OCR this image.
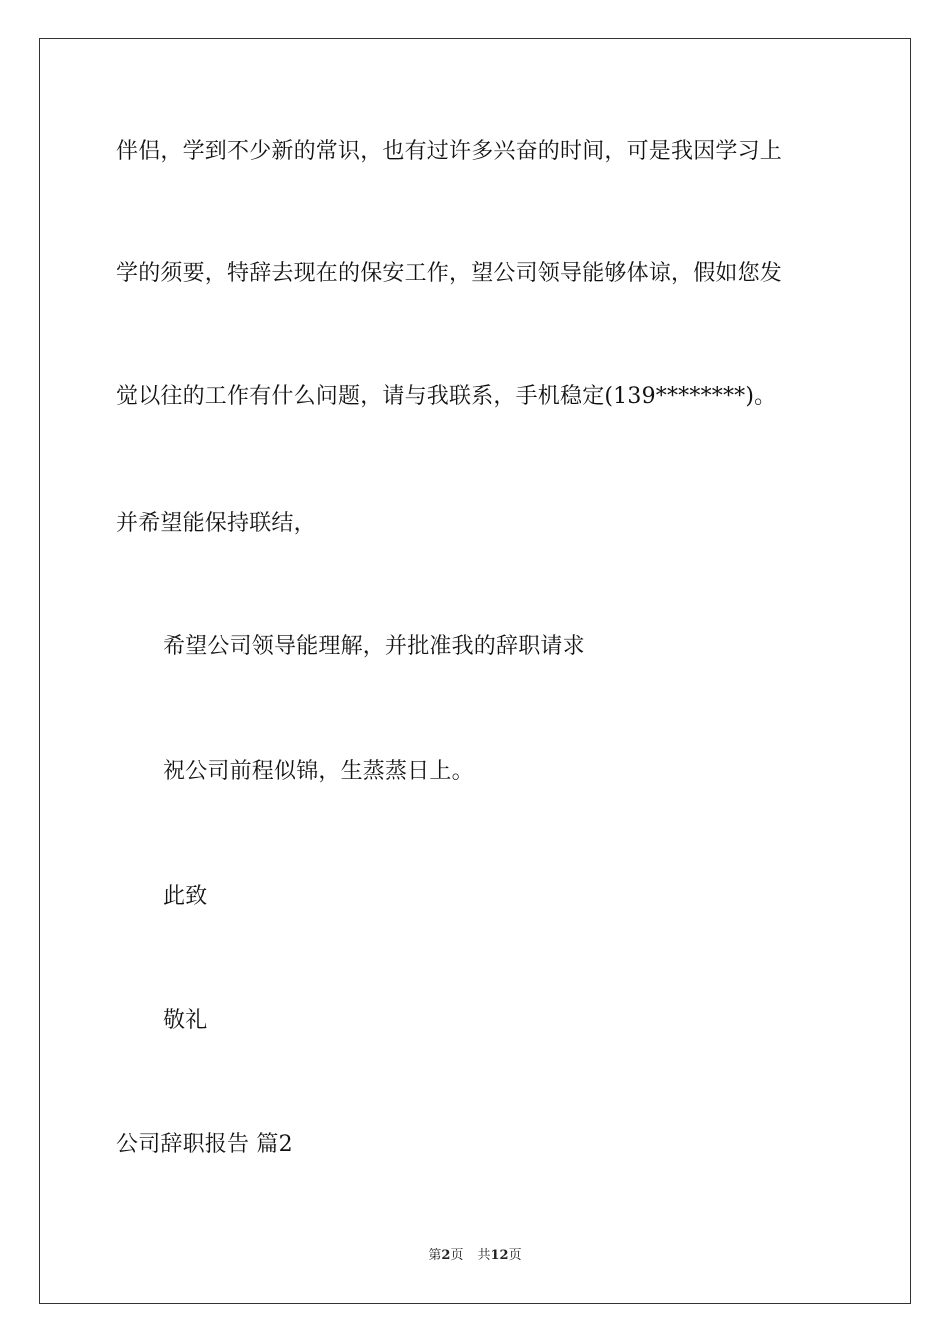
伴侣，学到不少新的常识，也有过许多兴奋的时间，可是我因学习上
学的须要，特辞去现在的保安工作，望公司领导能够体谅，假如您发
觉以往的工作有什么问题，请与我联系，手机稳定(139********)。
并希望能保持联结，
希望公司领导能理解，并批准我的辞职请求
祝公司前程似锦，生蒸蒸日上。
此致
敬礼
公司辞职报告 篇2
第2页 共12页
